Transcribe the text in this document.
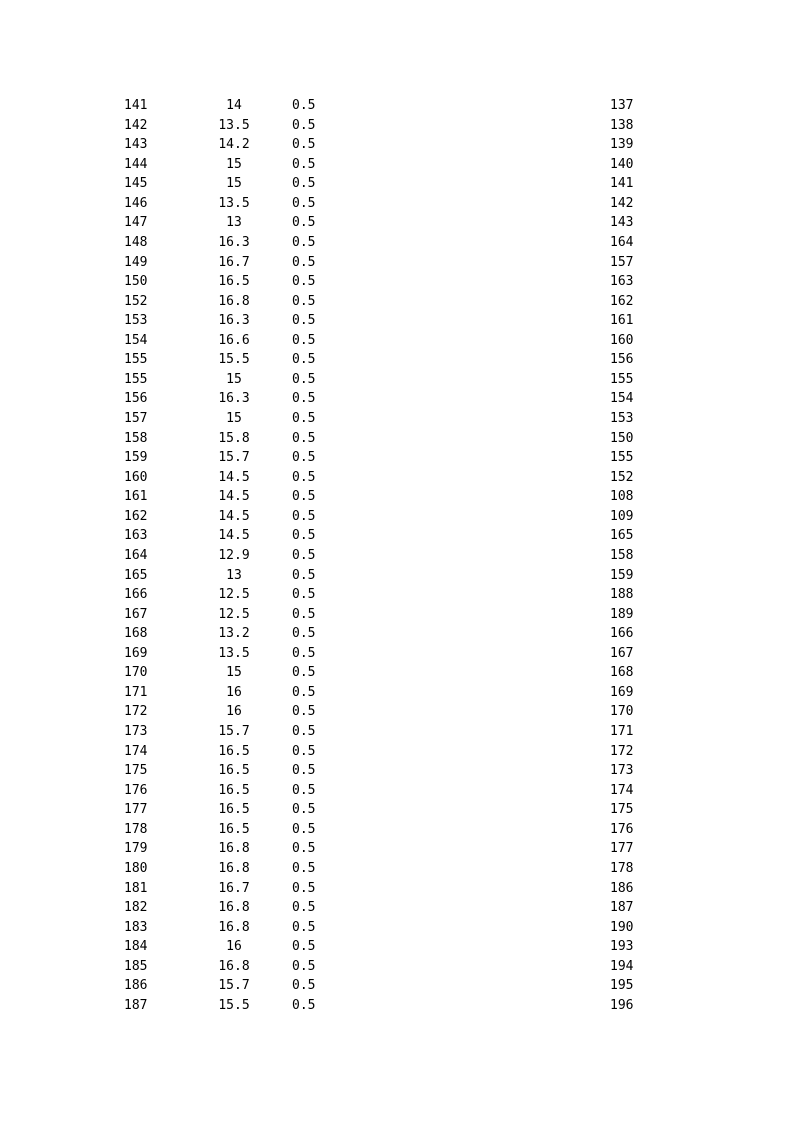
141	14	0.5	137
142	13.5	0.5	138
143	14.2	0.5	139
144	15	0.5	140
145	15	0.5	141
146	13.5	0.5	142
147	13	0.5	143
148	16.3	0.5	164
149	16.7	0.5	157
150	16.5	0.5	163
152	16.8	0.5	162
153	16.3	0.5	161
154	16.6	0.5	160
155	15.5	0.5	156
155	15	0.5	155
156	16.3	0.5	154
157	15	0.5	153
158	15.8	0.5	150
159	15.7	0.5	155
160	14.5	0.5	152
161	14.5	0.5	108
162	14.5	0.5	109
163	14.5	0.5	165
164	12.9	0.5	158
165	13	0.5	159
166	12.5	0.5	188
167	12.5	0.5	189
168	13.2	0.5	166
169	13.5	0.5	167
170	15	0.5	168
171	16	0.5	169
172	16	0.5	170
173	15.7	0.5	171
174	16.5	0.5	172
175	16.5	0.5	173
176	16.5	0.5	174
177	16.5	0.5	175
178	16.5	0.5	176
179	16.8	0.5	177
180	16.8	0.5	178
181	16.7	0.5	186
182	16.8	0.5	187
183	16.8	0.5	190
184	16	0.5	193
185	16.8	0.5	194
186	15.7	0.5	195
187	15.5	0.5	196
